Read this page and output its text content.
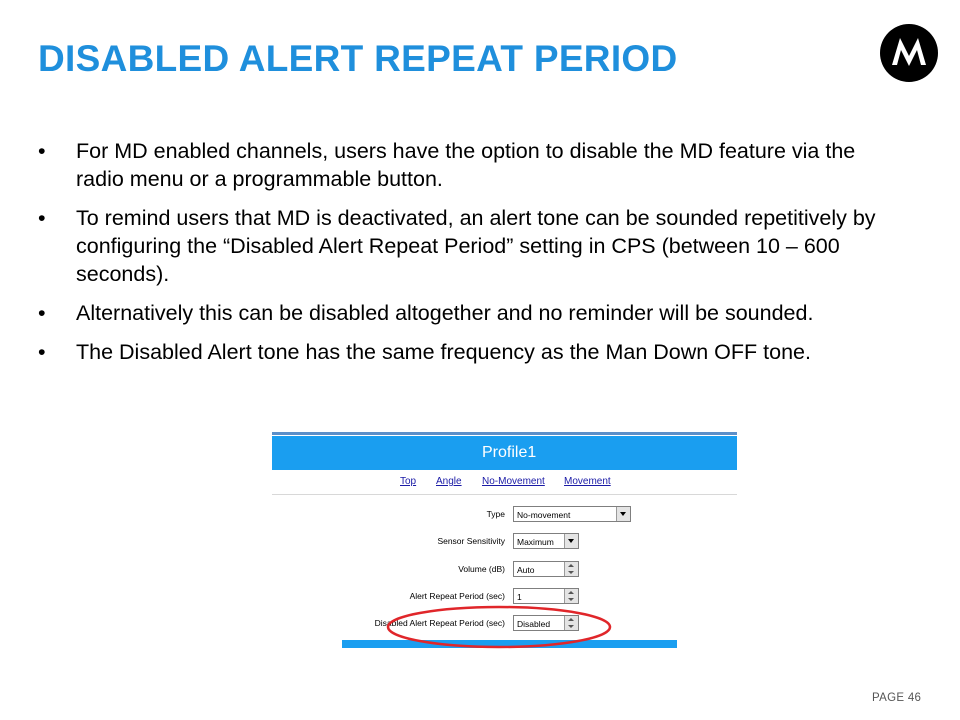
DISABLED ALERT REPEAT PERIOD
• For MD enabled channels, users have the option to disable the MD feature via the radio menu or a programmable button.
• To remind users that MD is deactivated, an alert tone can be sounded repetitively by configuring the “Disabled Alert Repeat Period” setting in CPS (between 10 – 600 seconds).
• Alternatively this can be disabled altogether and no reminder will be sounded.
• The Disabled Alert tone has the same frequency as the Man Down OFF tone.
Profile1
Top Angle No-Movement Movement
Type No-movement
Sensor Sensitivity Maximum
Volume (dB) Auto
Alert Repeat Period (sec) 1
Disabled Alert Repeat Period (sec) Disabled
PAGE 46
